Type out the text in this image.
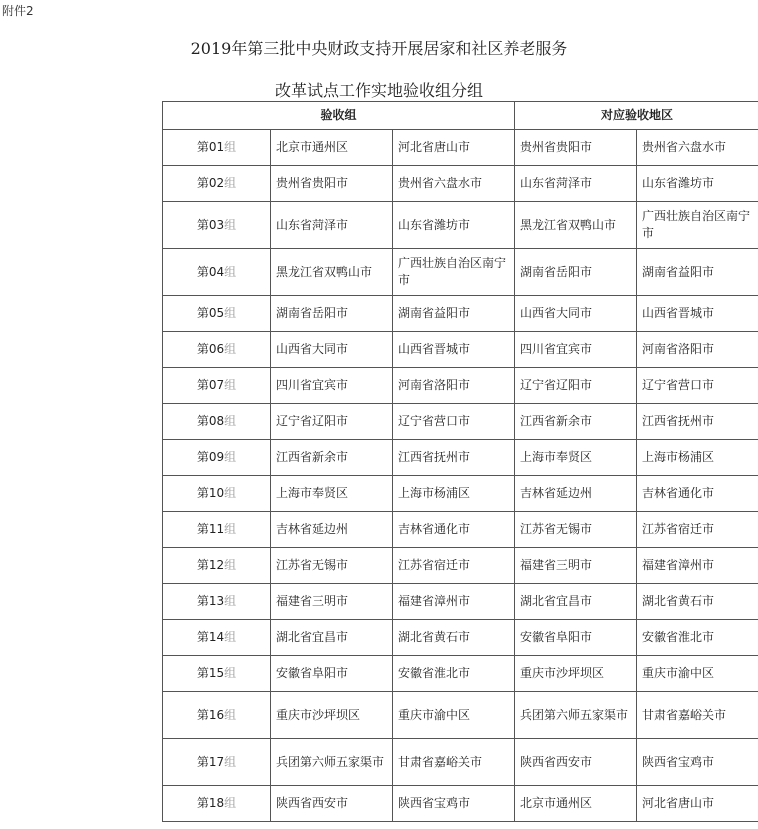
附件2
2019年第三批中央财政支持开展居家和社区养老服务
改革试点工作实地验收组分组
验收组			对应验收地区	
第01组	北京市通州区	河北省唐山市	贵州省贵阳市	贵州省六盘水市
第02组	贵州省贵阳市	贵州省六盘水市	山东省菏泽市	山东省潍坊市
第03组	山东省菏泽市	山东省潍坊市	黑龙江省双鸭山市	广西壮族自治区南宁市
第04组	黑龙江省双鸭山市	广西壮族自治区南宁市	湖南省岳阳市	湖南省益阳市
第05组	湖南省岳阳市	湖南省益阳市	山西省大同市	山西省晋城市
第06组	山西省大同市	山西省晋城市	四川省宜宾市	河南省洛阳市
第07组	四川省宜宾市	河南省洛阳市	辽宁省辽阳市	辽宁省营口市
第08组	辽宁省辽阳市	辽宁省营口市	江西省新余市	江西省抚州市
第09组	江西省新余市	江西省抚州市	上海市奉贤区	上海市杨浦区
第10组	上海市奉贤区	上海市杨浦区	吉林省延边州	吉林省通化市
第11组	吉林省延边州	吉林省通化市	江苏省无锡市	江苏省宿迁市
第12组	江苏省无锡市	江苏省宿迁市	福建省三明市	福建省漳州市
第13组	福建省三明市	福建省漳州市	湖北省宜昌市	湖北省黄石市
第14组	湖北省宜昌市	湖北省黄石市	安徽省阜阳市	安徽省淮北市
第15组	安徽省阜阳市	安徽省淮北市	重庆市沙坪坝区	重庆市渝中区
第16组	重庆市沙坪坝区	重庆市渝中区	兵团第六师五家渠市	甘肃省嘉峪关市
第17组	兵团第六师五家渠市	甘肃省嘉峪关市	陕西省西安市	陕西省宝鸡市
第18组	陕西省西安市	陕西省宝鸡市	北京市通州区	河北省唐山市
